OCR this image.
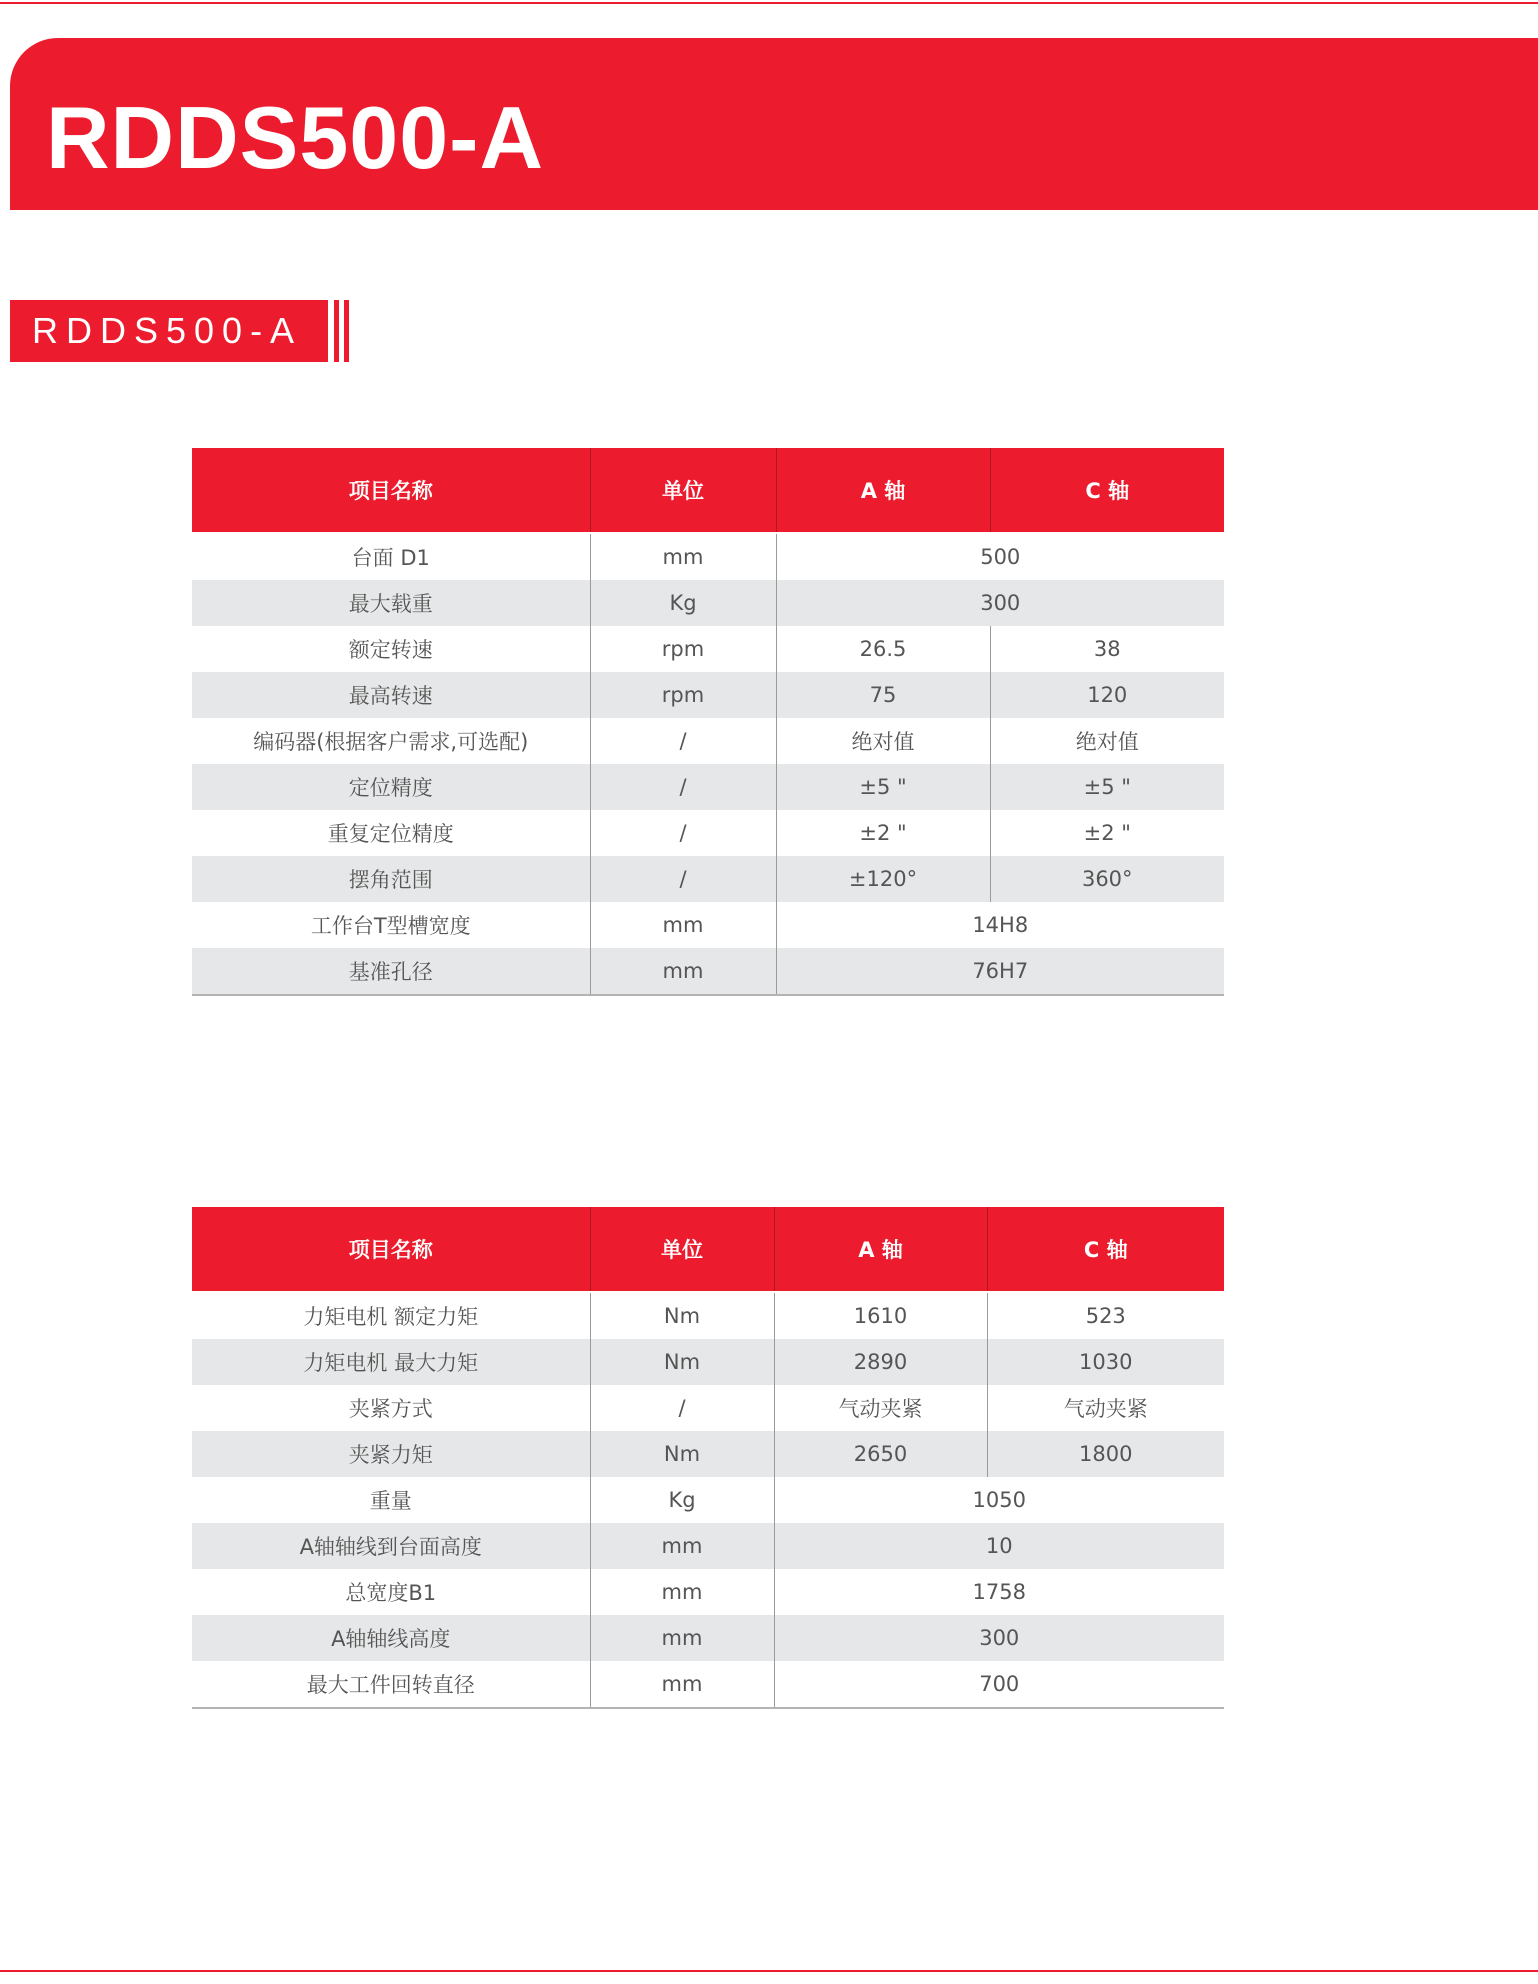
RDDS500-A
RDDS500-A
项目名称	单位	A 轴	C 轴
台面 D1	mm	500	
最大载重	Kg	300	
额定转速	rpm	26.5	38
最高转速	rpm	75	120
编码器(根据客户需求,可选配)	/	绝对值	绝对值
定位精度	/	±5 "	±5 "
重复定位精度	/	±2 "	±2 "
摆角范围	/	±120°	360°
工作台T型槽宽度	mm	14H8	
基准孔径	mm	76H7	
项目名称	单位	A 轴	C 轴
力矩电机 额定力矩	Nm	1610	523
力矩电机 最大力矩	Nm	2890	1030
夹紧方式	/	气动夹紧	气动夹紧
夹紧力矩	Nm	2650	1800
重量	Kg	1050	
A轴轴线到台面高度	mm	10	
总宽度B1	mm	1758	
A轴轴线高度	mm	300	
最大工件回转直径	mm	700	
